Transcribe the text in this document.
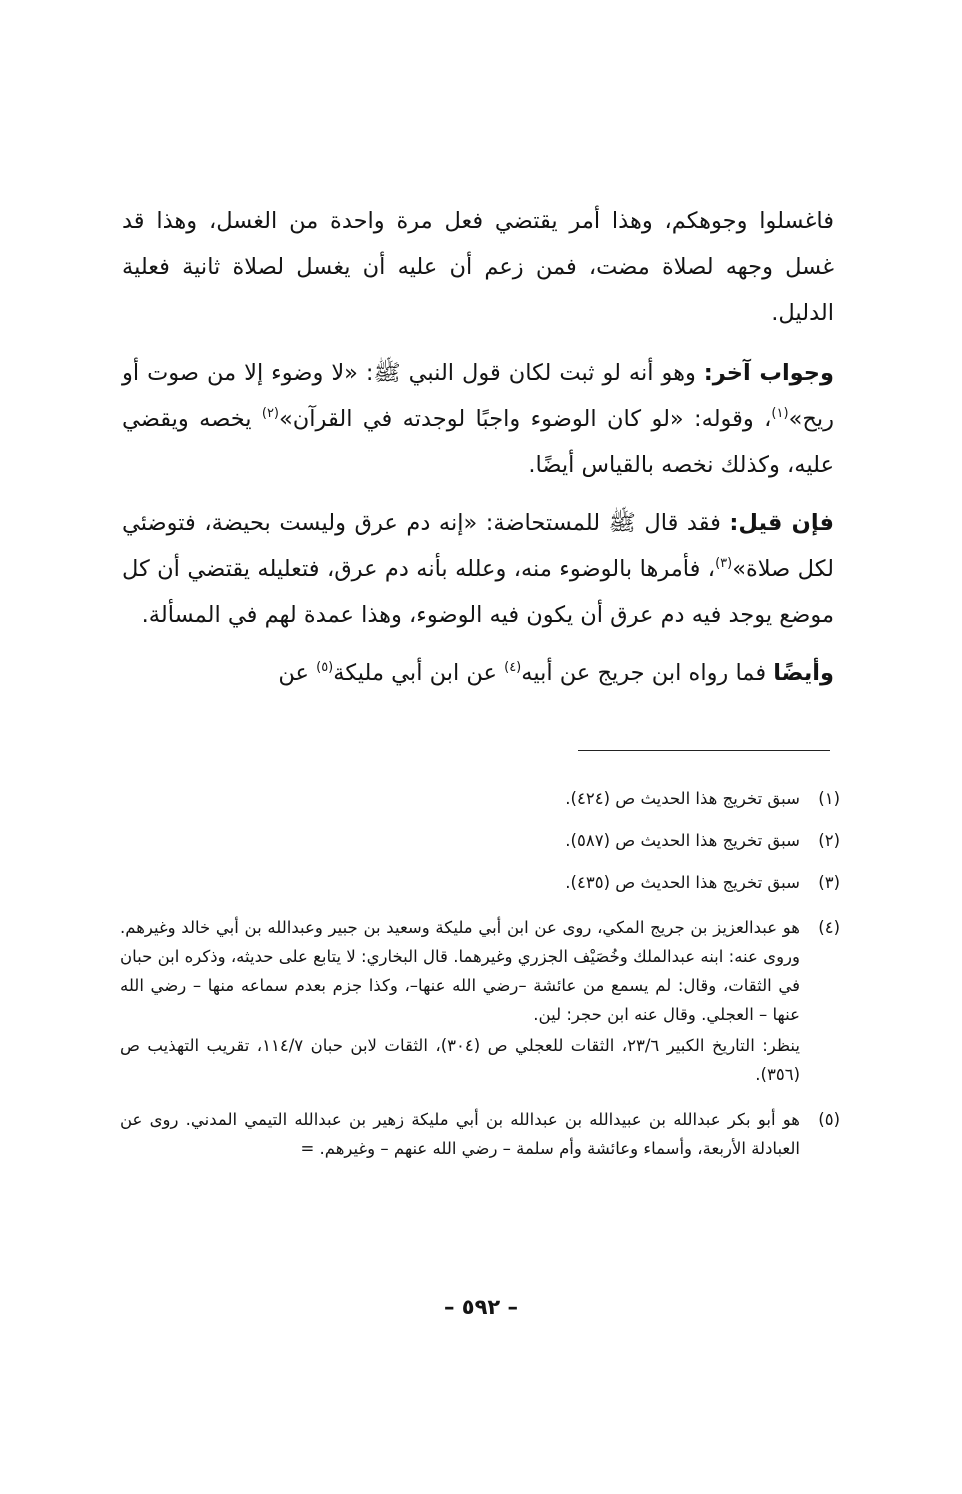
فاغسلوا وجوهكم، وهذا أمر يقتضي فعل مرة واحدة من الغسل، وهذا قد غسل وجهه لصلاة مضت، فمن زعم أن عليه أن يغسل لصلاة ثانية فعلية الدليل.

وجواب آخر: وهو أنه لو ثبت لكان قول النبي ﷺ: «لا وضوء إلا من صوت أو ريح»$^{(١)}$، وقوله: «لو كان الوضوء واجبًا لوجدته في القرآن»$^{(٢)}$ يخصه ويقضي عليه، وكذلك نخصه بالقياس أيضًا.

فإن قيل: فقد قال ﷺ للمستحاضة: «إنه دم عرق وليست بحيضة، فتوضئي لكل صلاة»$^{(٣)}$، فأمرها بالوضوء منه، وعلله بأنه دم عرق، فتعليله يقتضي أن كل موضع يوجد فيه دم عرق أن يكون فيه الوضوء، وهذا عمدة لهم في المسألة.

وأيضًا فما رواه ابن جريج عن أبيه$^{(٤)}$ عن ابن أبي مليكة$^{(٥)}$ عن

(١)

سبق تخريج هذا الحديث ص (٤٢٤).

(٢)

سبق تخريج هذا الحديث ص (٥٨٧).

(٣)

سبق تخريج هذا الحديث ص (٤٣٥).

(٤)

هو عبدالعزيز بن جريج المكي، روى عن ابن أبي مليكة وسعيد بن جبير وعبدالله بن أبي خالد وغيرهم. وروى عنه: ابنه عبدالملك وخُصَيْف الجزري وغيرهما. قال البخاري: لا يتابع على حديثه، وذكره ابن حبان في الثقات، وقال: لم يسمع من عائشة –رضي الله عنها–، وكذا جزم بعدم سماعه منها – رضي الله عنها – العجلي. وقال عنه ابن حجر: لين.

ينظر: التاريخ الكبير ٢٣/٦، الثقات للعجلي ص (٣٠٤)، الثقات لابن حبان ١١٤/٧، تقريب التهذيب ص (٣٥٦).

(٥)

هو أبو بكر عبدالله بن عبيدالله بن عبدالله بن أبي مليكة زهير بن عبدالله التيمي المدني. روى عن العبادلة الأربعة، وأسماء وعائشة وأم سلمة – رضي الله عنهم – وغيرهم. =

– ٥٩٢ –
